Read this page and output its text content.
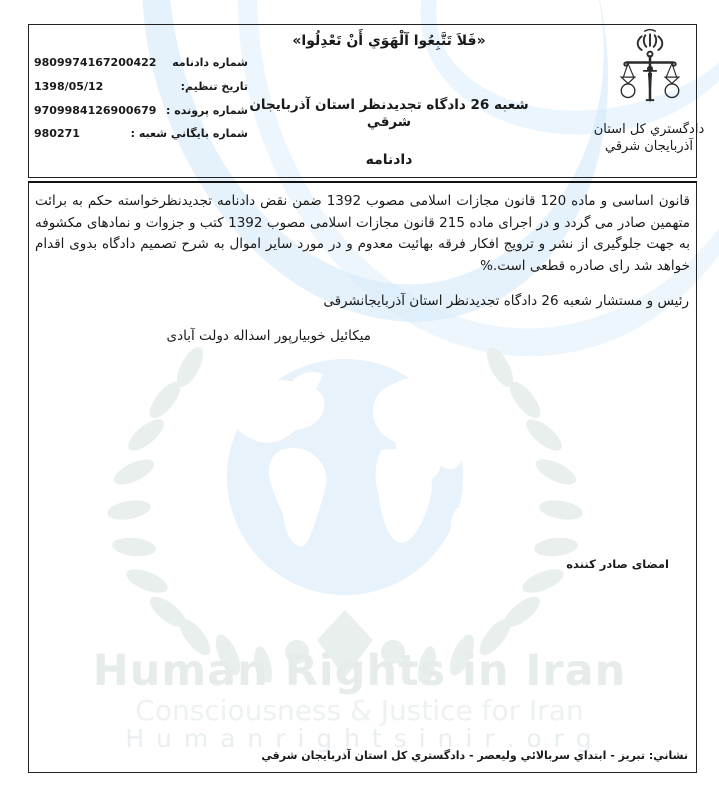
Human Rights in Iran
Consciousness & Justice for Iran
H u m a n r i g h t s i n i r . o r g
«فَلاَ تَتَّبِعُوا آلْهَوَي أَنْ تَعْدِلُوا»
شماره دادنامه
9809974167200422
تاريخ تنظيم:
1398/05/12
شماره پرونده :
9709984126900679
شماره بايگاني شعبه :
980271
شعبه 26 دادگاه تجديدنظر استان آذربايجان
شرقي
دادنامه
دادگستري كل استان
آذربايجان شرقي
قانون اساسی و ماده 120 قانون مجازات اسلامی مصوب 1392 ضمن نقض دادنامه تجدیدنظرخواسته حکم به برائت متهمین صادر می گردد و در اجرای ماده 215 قانون مجازات اسلامی مصوب 1392 کتب و جزوات و نمادهای مکشوفه به جهت جلوگیری از نشر و ترویج افکار فرقه بهائیت معدوم و در مورد سایر اموال به شرح تصمیم دادگاه بدوی اقدام خواهد شد رای صادره قطعی است.%
رئیس و مستشار شعبه 26 دادگاه تجدیدنظر استان آذربایجانشرقی
میکائیل خوبیارپور اسداله دولت آبادی
امضای صادر کننده
نشاني: تبريز - ابتداي سربالائي وليعصر - دادگستري كل استان آذربايجان شرقي
